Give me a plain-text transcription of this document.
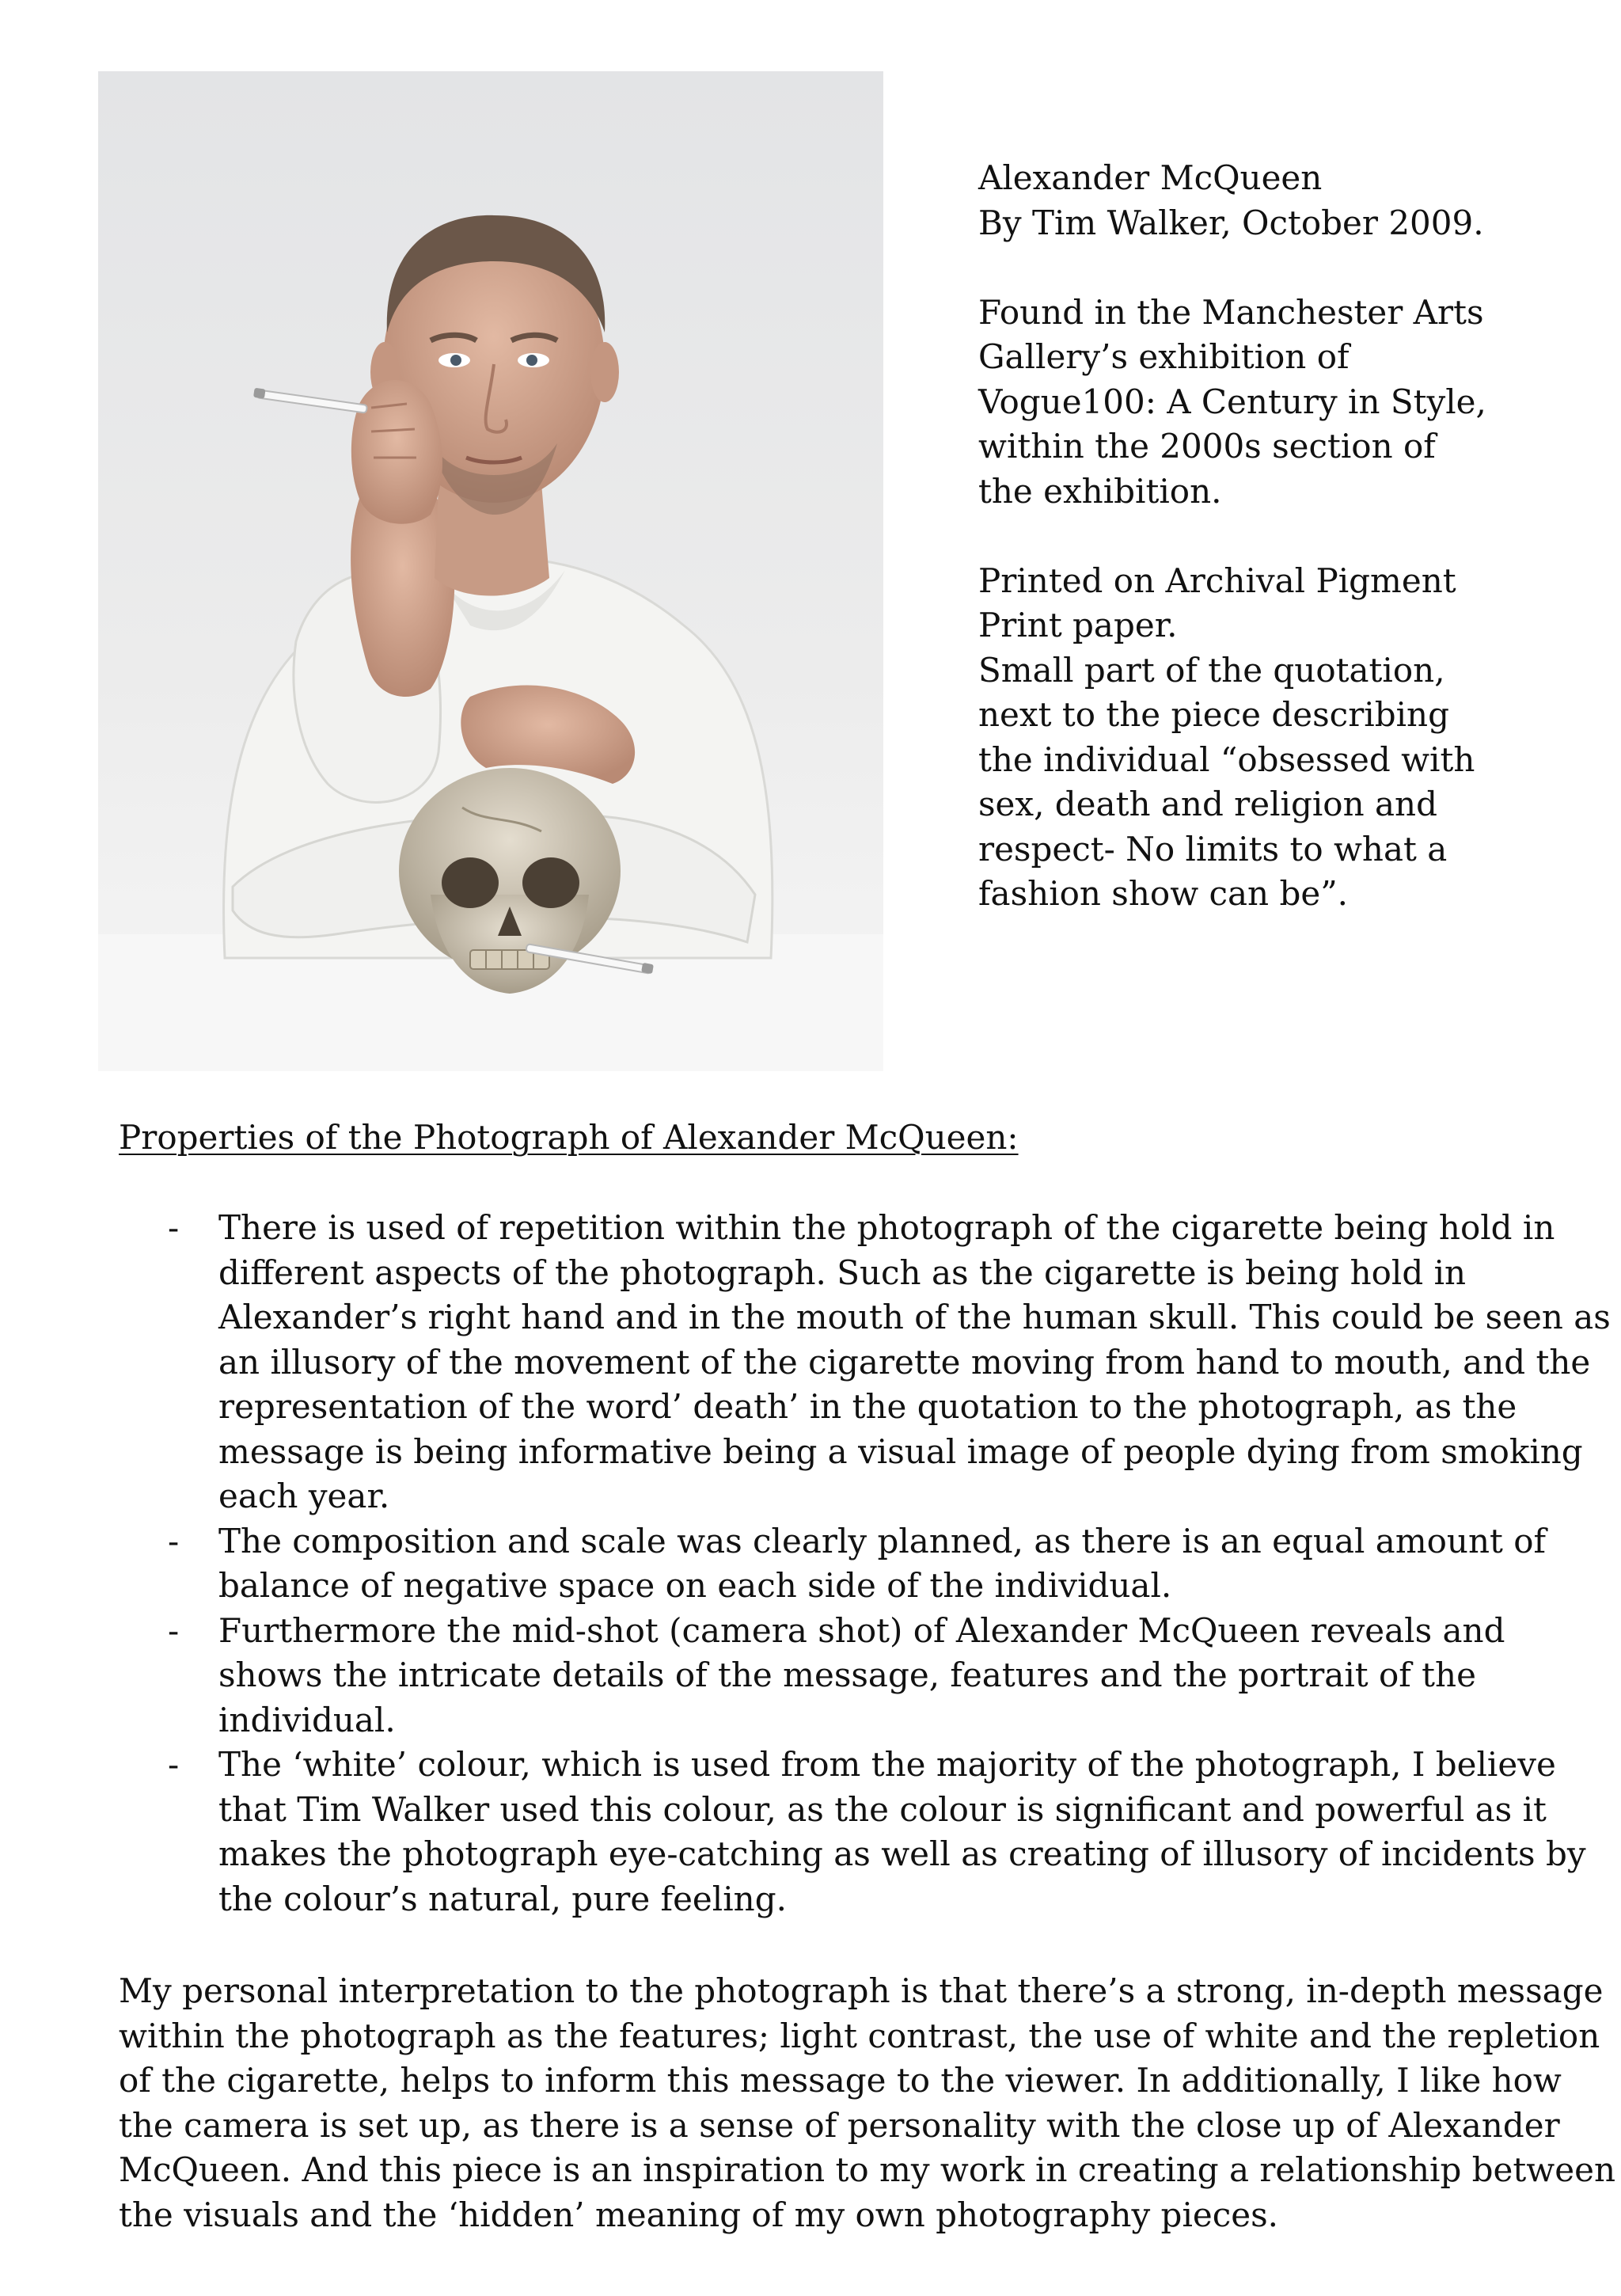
Alexander McQueen
By Tim Walker, October 2009.
Found in the Manchester Arts
Gallery’s exhibition of
Vogue100: A Century in Style,
within the 2000s section of
the exhibition.
Printed on Archival Pigment
Print paper.
Small part of the quotation,
next to the piece describing
the individual “obsessed with
sex, death and religion and
respect- No limits to what a
fashion show can be”.
Properties of the Photograph of Alexander McQueen:
- There is used of repetition within the photograph of the cigarette being hold in
different aspects of the photograph. Such as the cigarette is being hold in
Alexander’s right hand and in the mouth of the human skull. This could be seen as
an illusory of the movement of the cigarette moving from hand to mouth, and the
representation of the word’ death’ in the quotation to the photograph, as the
message is being informative being a visual image of people dying from smoking
each year.
- The composition and scale was clearly planned, as there is an equal amount of
balance of negative space on each side of the individual.
- Furthermore the mid-shot (camera shot) of Alexander McQueen reveals and
shows the intricate details of the message, features and the portrait of the
individual.
- The ‘white’ colour, which is used from the majority of the photograph, I believe
that Tim Walker used this colour, as the colour is significant and powerful as it
makes the photograph eye-catching as well as creating of illusory of incidents by
the colour’s natural, pure feeling.
My personal interpretation to the photograph is that there’s a strong, in-depth message
within the photograph as the features; light contrast, the use of white and the repletion
of the cigarette, helps to inform this message to the viewer. In additionally, I like how
the camera is set up, as there is a sense of personality with the close up of Alexander
McQueen. And this piece is an inspiration to my work in creating a relationship between
the visuals and the ‘hidden’ meaning of my own photography pieces.
